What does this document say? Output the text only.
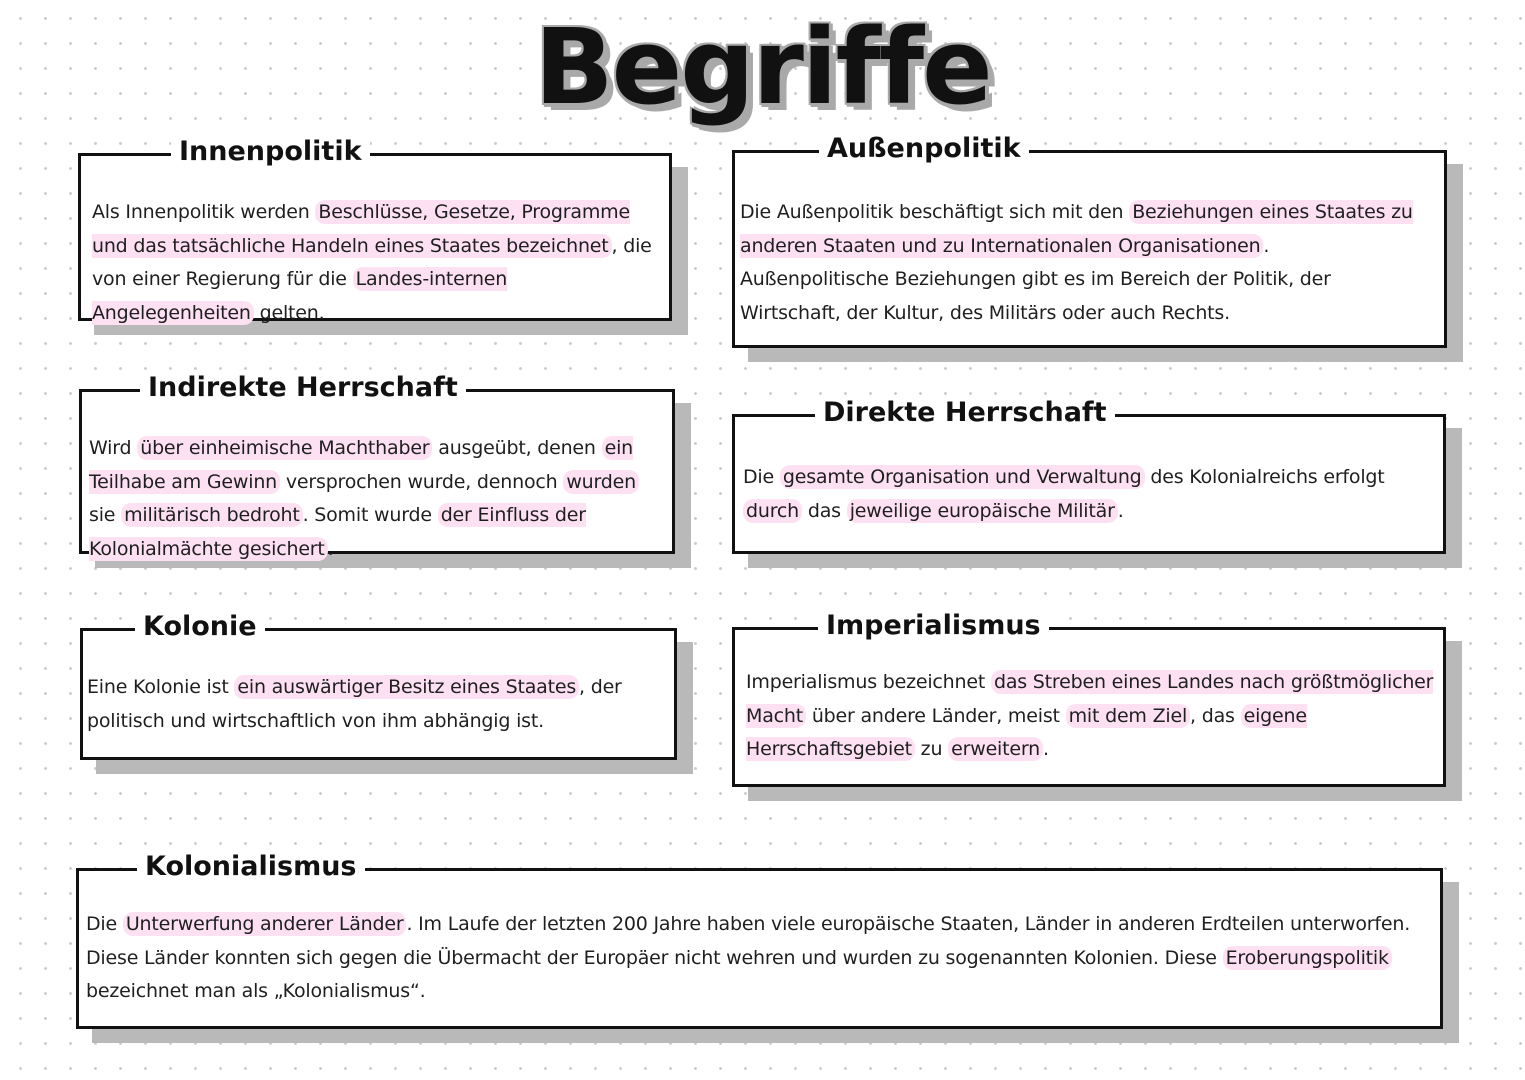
Begriffe
Innenpolitik

Als Innenpolitik werden Beschlüsse, Gesetze, Programme und das tatsächliche Handeln eines Staates bezeichnet , die von einer Regierung für die Landes-internen Angelegenheiten gelten.

Außenpolitik

Die Außenpolitik beschäftigt sich mit den Beziehungen eines Staates zu anderen Staaten und zu Internationalen Organisationen . Außenpolitische Beziehungen gibt es im Bereich der Politik, der Wirtschaft, der Kultur, des Militärs oder auch Rechts.

Indirekte Herrschaft

Wird über einheimische Machthaber ausgeübt, denen ein Teilhabe am Gewinn versprochen wurde, dennoch wurden sie militärisch bedroht . Somit wurde der Einfluss der Kolonialmächte gesichert .

Direkte Herrschaft

Die gesamte Organisation und Verwaltung des Kolonialreichs erfolgt durch das jeweilige europäische Militär .

Kolonie

Eine Kolonie ist ein auswärtiger Besitz eines Staates , der politisch und wirtschaftlich von ihm abhängig ist.

Imperialismus

Imperialismus bezeichnet das Streben eines Landes nach größtmöglicher Macht über andere Länder, meist mit dem Ziel , das eigene Herrschaftsgebiet zu erweitern .

Kolonialismus

Die Unterwerfung anderer Länder . Im Laufe der letzten 200 Jahre haben viele europäische Staaten, Länder in anderen Erdteilen unterworfen. Diese Länder konnten sich gegen die Übermacht der Europäer nicht wehren und wurden zu sogenannten Kolonien. Diese Eroberungspolitik bezeichnet man als „Kolonialismus“.
